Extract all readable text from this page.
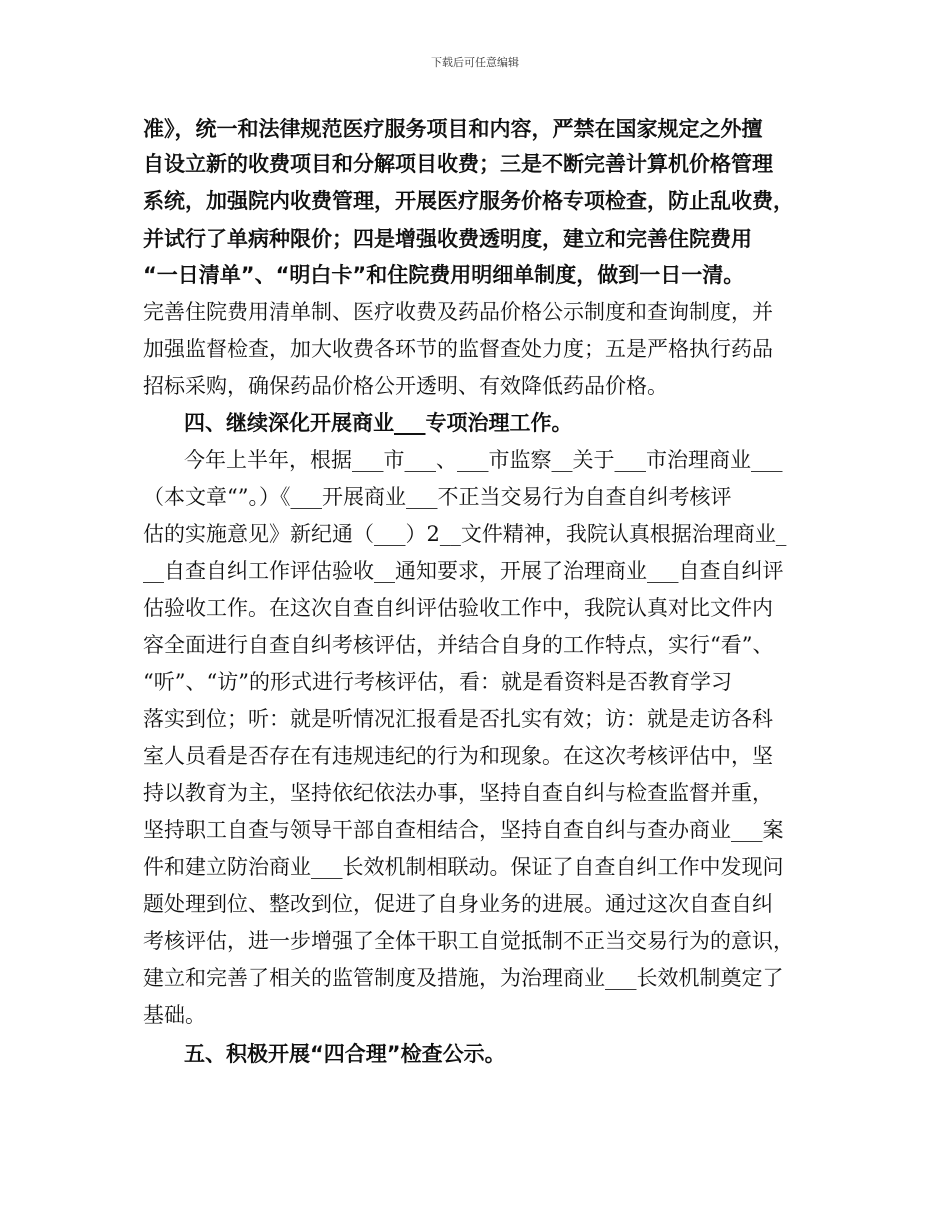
下载后可任意编辑
准》，统一和法律规范医疗服务项目和内容，严禁在国家规定之外擅
自设立新的收费项目和分解项目收费；三是不断完善计算机价格管理
系统，加强院内收费管理，开展医疗服务价格专项检查，防止乱收费，
并试行了单病种限价；四是增强收费透明度，建立和完善住院费用
“一日清单”、“明白卡”和住院费用明细单制度，做到一日一清。
完善住院费用清单制、医疗收费及药品价格公示制度和查询制度，并
加强监督检查，加大收费各环节的监督查处力度；五是严格执行药品
招标采购，确保药品价格公开透明、有效降低药品价格。
四、继续深化开展商业___专项治理工作。
今年上半年，根据___市___、___市监察__关于___市治理商业___
（本文章“”。）《___开展商业___不正当交易行为自查自纠考核评
估的实施意见》新纪通（___）2__文件精神，我院认真根据治理商业_
__自查自纠工作评估验收__通知要求，开展了治理商业___自查自纠评
估验收工作。在这次自查自纠评估验收工作中，我院认真对比文件内
容全面进行自查自纠考核评估，并结合自身的工作特点，实行“看”、
“听”、“访”的形式进行考核评估，看：就是看资料是否教育学习
落实到位；听：就是听情况汇报看是否扎实有效；访：就是走访各科
室人员看是否存在有违规违纪的行为和现象。在这次考核评估中，坚
持以教育为主，坚持依纪依法办事，坚持自查自纠与检查监督并重，
坚持职工自查与领导干部自查相结合，坚持自查自纠与查办商业___案
件和建立防治商业___长效机制相联动。保证了自查自纠工作中发现问
题处理到位、整改到位，促进了自身业务的进展。通过这次自查自纠
考核评估，进一步增强了全体干职工自觉抵制不正当交易行为的意识，
建立和完善了相关的监管制度及措施，为治理商业___长效机制奠定了
基础。
五、积极开展“四合理”检查公示。
